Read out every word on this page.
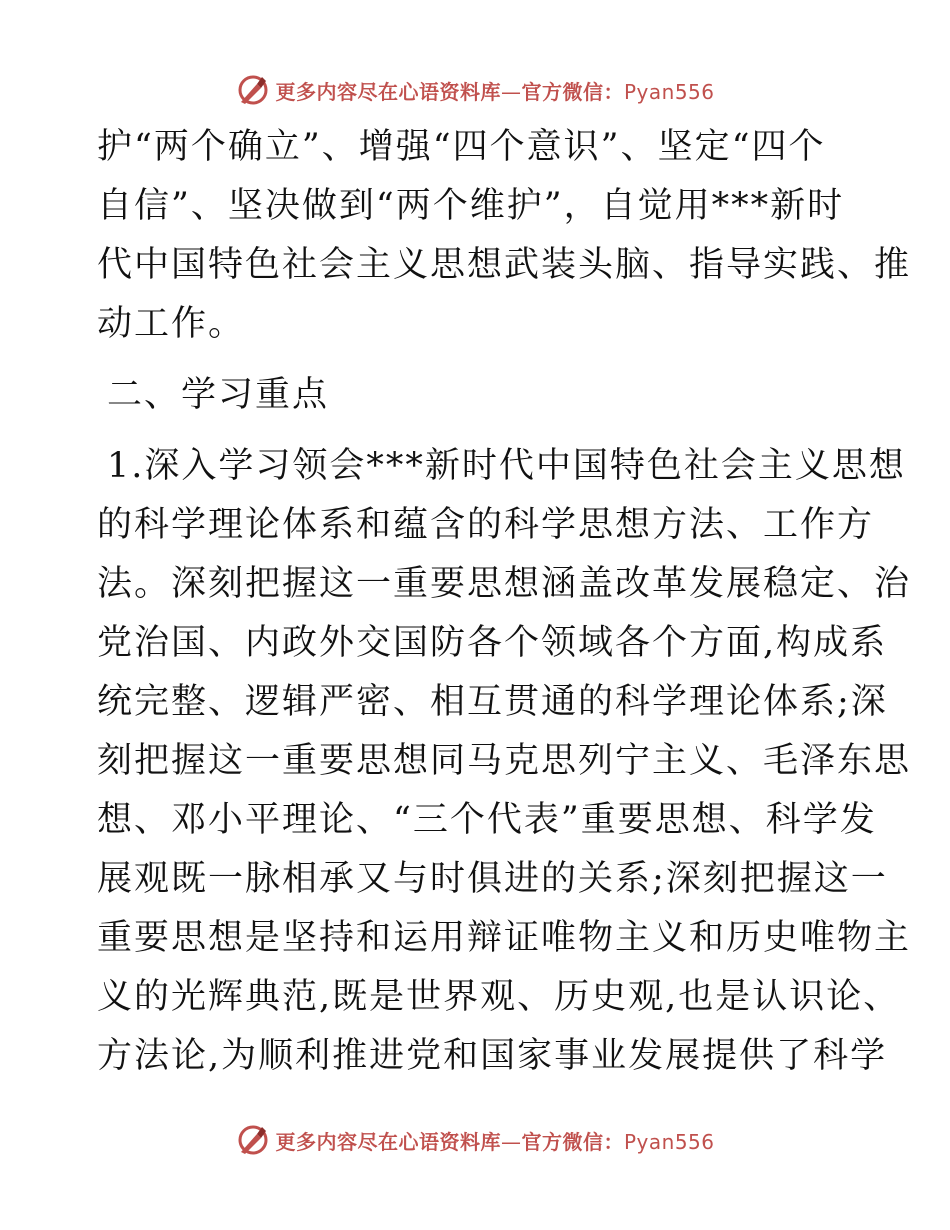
更多内容尽在心语资料库—官方微信：Pyan556
护“两个确立”、增强“四个意识”、坚定“四个
自信”、坚决做到“两个维护”，自觉用***新时
代中国特色社会主义思想武装头脑、指导实践、推
动工作。
二、学习重点
1.深入学习领会***新时代中国特色社会主义思想
的科学理论体系和蕴含的科学思想方法、工作方
法。深刻把握这一重要思想涵盖改革发展稳定、治
党治国、内政外交国防各个领域各个方面,构成系
统完整、逻辑严密、相互贯通的科学理论体系;深
刻把握这一重要思想同马克思列宁主义、毛泽东思
想、邓小平理论、“三个代表”重要思想、科学发
展观既一脉相承又与时俱进的关系;深刻把握这一
重要思想是坚持和运用辩证唯物主义和历史唯物主
义的光辉典范,既是世界观、历史观,也是认识论、
方法论,为顺利推进党和国家事业发展提供了科学
更多内容尽在心语资料库—官方微信：Pyan556
